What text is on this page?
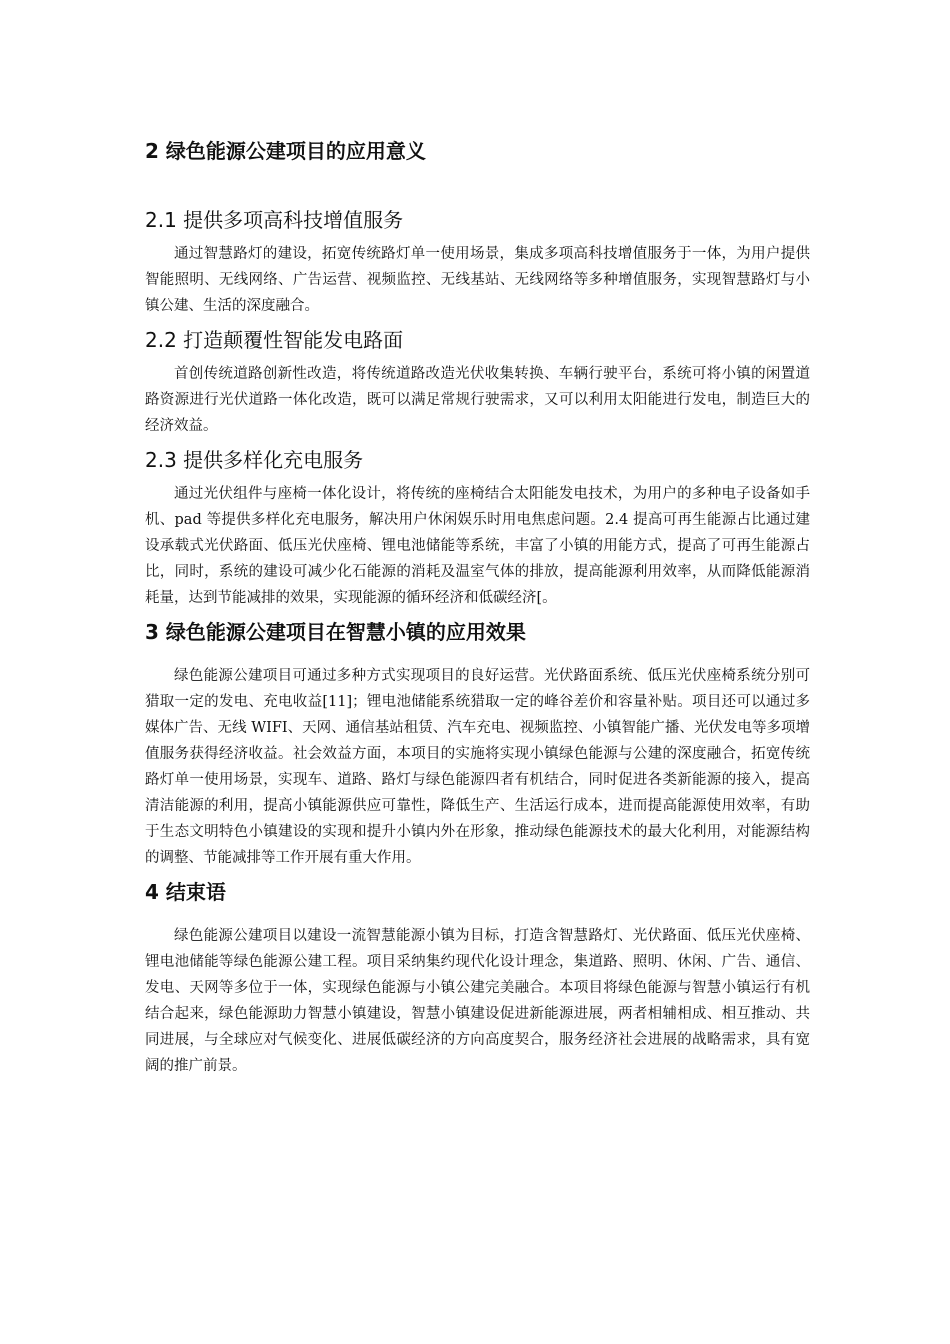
2 绿色能源公建项目的应用意义
2.1 提供多项高科技增值服务

通过智慧路灯的建设，拓宽传统路灯单一使用场景，集成多项高科技增值服务于一体，为用户提供智能照明、无线网络、广告运营、视频监控、无线基站、无线网络等多种增值服务，实现智慧路灯与小镇公建、生活的深度融合。

2.2 打造颠覆性智能发电路面

首创传统道路创新性改造，将传统道路改造光伏收集转换、车辆行驶平台，系统可将小镇的闲置道路资源进行光伏道路一体化改造，既可以满足常规行驶需求，又可以利用太阳能进行发电，制造巨大的经济效益。

2.3 提供多样化充电服务

通过光伏组件与座椅一体化设计，将传统的座椅结合太阳能发电技术，为用户的多种电子设备如手机、pad 等提供多样化充电服务，解决用户休闲娱乐时用电焦虑问题。2.4 提高可再生能源占比通过建设承载式光伏路面、低压光伏座椅、锂电池储能等系统，丰富了小镇的用能方式，提高了可再生能源占比，同时，系统的建设可减少化石能源的消耗及温室气体的排放，提高能源利用效率，从而降低能源消耗量，达到节能减排的效果，实现能源的循环经济和低碳经济[。

3 绿色能源公建项目在智慧小镇的应用效果

绿色能源公建项目可通过多种方式实现项目的良好运营。光伏路面系统、低压光伏座椅系统分别可猎取一定的发电、充电收益[11]；锂电池储能系统猎取一定的峰谷差价和容量补贴。项目还可以通过多媒体广告、无线 WIFI、天网、通信基站租赁、汽车充电、视频监控、小镇智能广播、光伏发电等多项增值服务获得经济收益。社会效益方面，本项目的实施将实现小镇绿色能源与公建的深度融合，拓宽传统路灯单一使用场景，实现车、道路、路灯与绿色能源四者有机结合，同时促进各类新能源的接入，提高清洁能源的利用，提高小镇能源供应可靠性，降低生产、生活运行成本，进而提高能源使用效率，有助于生态文明特色小镇建设的实现和提升小镇内外在形象，推动绿色能源技术的最大化利用，对能源结构的调整、节能减排等工作开展有重大作用。

4 结束语

绿色能源公建项目以建设一流智慧能源小镇为目标，打造含智慧路灯、光伏路面、低压光伏座椅、锂电池储能等绿色能源公建工程。项目采纳集约现代化设计理念，集道路、照明、休闲、广告、通信、发电、天网等多位于一体，实现绿色能源与小镇公建完美融合。本项目将绿色能源与智慧小镇运行有机结合起来，绿色能源助力智慧小镇建设，智慧小镇建设促进新能源进展，两者相辅相成、相互推动、共同进展，与全球应对气候变化、进展低碳经济的方向高度契合，服务经济社会进展的战略需求，具有宽阔的推广前景。
